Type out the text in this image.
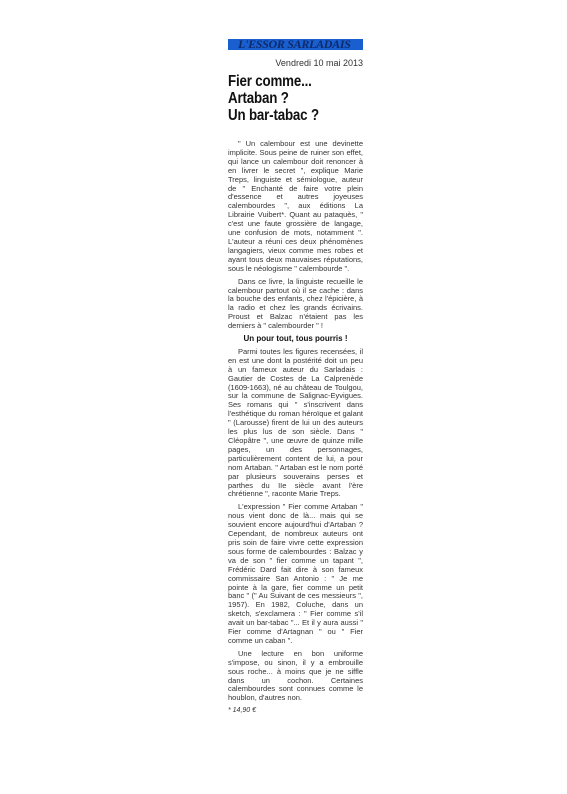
L'ESSOR SARLADAIS
Vendredi 10 mai 2013
Fier comme...
Artaban ?
Un bar-tabac ?

" Un calembour est une devinette implicite. Sous peine de ruiner son effet, qui lance un calembour doit renoncer à en livrer le secret ", explique Marie Treps, linguiste et sémiologue, auteur de " Enchanté de faire votre plein d'essence et autres joyeuses calembourdes ", aux éditions La Librairie Vuibert*. Quant au pataquès, " c'est une faute grossière de langage, une confusion de mots, notamment ". L'auteur a réuni ces deux phénomènes langagiers, vieux comme mes robes et ayant tous deux mauvaises réputations, sous le néologisme " calembourde ".

Dans ce livre, la linguiste recueille le calembour partout où il se cache : dans la bouche des enfants, chez l'épicière, à la radio et chez les grands écrivains. Proust et Balzac n'étaient pas les derniers à " calembourder " !

Un pour tout, tous pourris !

Parmi toutes les figures recensées, il en est une dont la postérité doit un peu à un fameux auteur du Sarladais : Gautier de Costes de La Calprenède (1609-1663), né au château de Toulgou, sur la commune de Salignac-Eyvigues. Ses romans qui " s'inscrivent dans l'esthétique du roman héroïque et galant " (Larousse) firent de lui un des auteurs les plus lus de son siècle. Dans " Cléopâtre ", une œuvre de quinze mille pages, un des personnages, particulièrement content de lui, a pour nom Artaban. " Artaban est le nom porté par plusieurs souverains perses et parthes du IIe siècle avant l'ère chrétienne ", raconte Marie Treps.

L'expression " Fier comme Artaban " nous vient donc de là... mais qui se souvient encore aujourd'hui d'Artaban ? Cependant, de nombreux auteurs ont pris soin de faire vivre cette expression sous forme de calembourdes : Balzac y va de son " fier comme un tapant ", Frédéric Dard fait dire à son fameux commissaire San Antonio : " Je me pointe à la gare, fier comme un petit banc " (" Au Suivant de ces messieurs ", 1957). En 1982, Coluche, dans un sketch, s'exclamera : " Fier comme s'il avait un bar-tabac "... Et il y aura aussi " Fier comme d'Artagnan " ou " Fier comme un caban ".

Une lecture en bon uniforme s'impose, ou sinon, il y a embrouille sous roche... à moins que je ne siffle dans un cochon. Certaines calembourdes sont connues comme le houblon, d'autres non.

* 14,90 €
